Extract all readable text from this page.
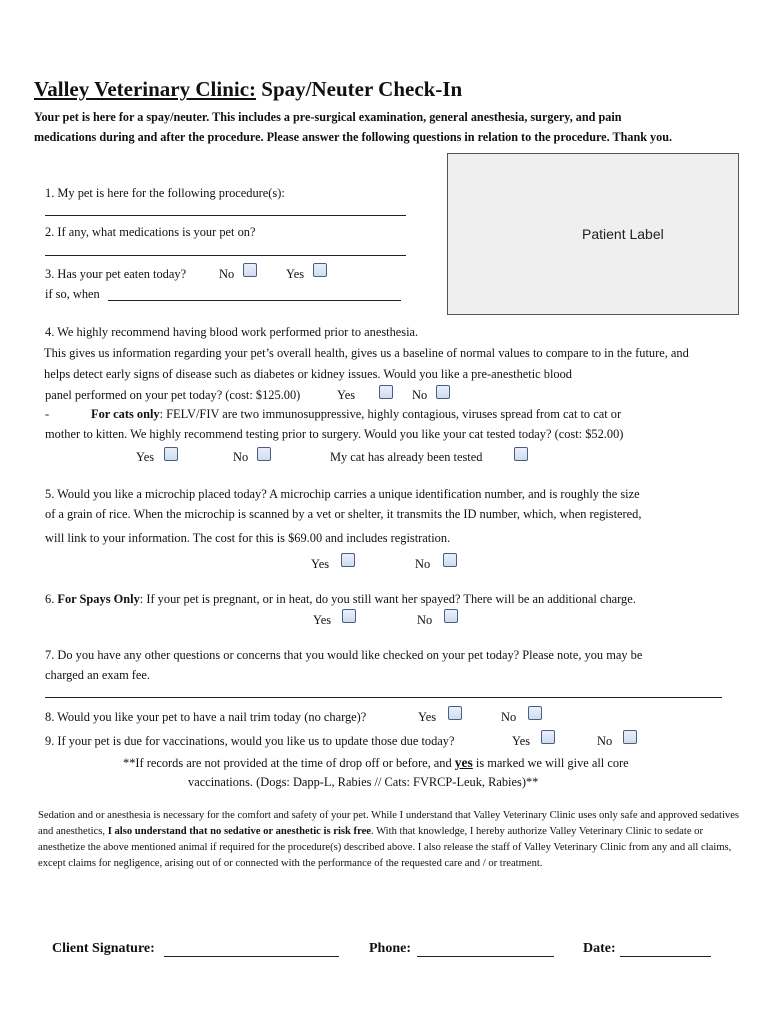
Valley Veterinary Clinic: Spay/Neuter Check-In
Your pet is here for a spay/neuter. This includes a pre-surgical examination, general anesthesia, surgery, and pain medications during and after the procedure. Please answer the following questions in relation to the procedure. Thank you.
Patient Label
1. My pet is here for the following procedure(s):
2. If any, what medications is your pet on?
3. Has your pet eaten today?	No	Yes
if so, when
4. We highly recommend having blood work performed prior to anesthesia.
This gives us information regarding your pet’s overall health, gives us a baseline of normal values to compare to in the future, and helps detect early signs of disease such as diabetes or kidney issues. Would you like a pre-anesthetic blood
panel performed on your pet today? (cost: $125.00)	Yes	No
-	For cats only: FELV/FIV are two immunosuppressive, highly contagious, viruses spread from cat to cat or
mother to kitten. We highly recommend testing prior to surgery. Would you like your cat tested today? (cost: $52.00)
Yes	No	My cat has already been tested
5. Would you like a microchip placed today? A microchip carries a unique identification number, and is roughly the size
of a grain of rice. When the microchip is scanned by a vet or shelter, it transmits the ID number, which, when registered,
will link to your information. The cost for this is $69.00 and includes registration.
Yes	No
6. For Spays Only: If your pet is pregnant, or in heat, do you still want her spayed? There will be an additional charge.
Yes	No
7. Do you have any other questions or concerns that you would like checked on your pet today? Please note, you may be
charged an exam fee.
8. Would you like your pet to have a nail trim today (no charge)?	Yes	No
9. If your pet is due for vaccinations, would you like us to update those due today?	Yes	No
**If records are not provided at the time of drop off or before, and yes is marked we will give all core
vaccinations. (Dogs: Dapp-L, Rabies // Cats: FVRCP-Leuk, Rabies)**
Sedation and or anesthesia is necessary for the comfort and safety of your pet. While I understand that Valley Veterinary Clinic uses only safe and approved sedatives and anesthetics, I also understand that no sedative or anesthetic is risk free. With that knowledge, I hereby authorize Valley Veterinary Clinic to sedate or anesthetize the above mentioned animal if required for the procedure(s) described above. I also release the staff of Valley Veterinary Clinic from any and all claims, except claims for negligence, arising out of or connected with the performance of the requested care and / or treatment.
Client Signature:	Phone:	Date:
